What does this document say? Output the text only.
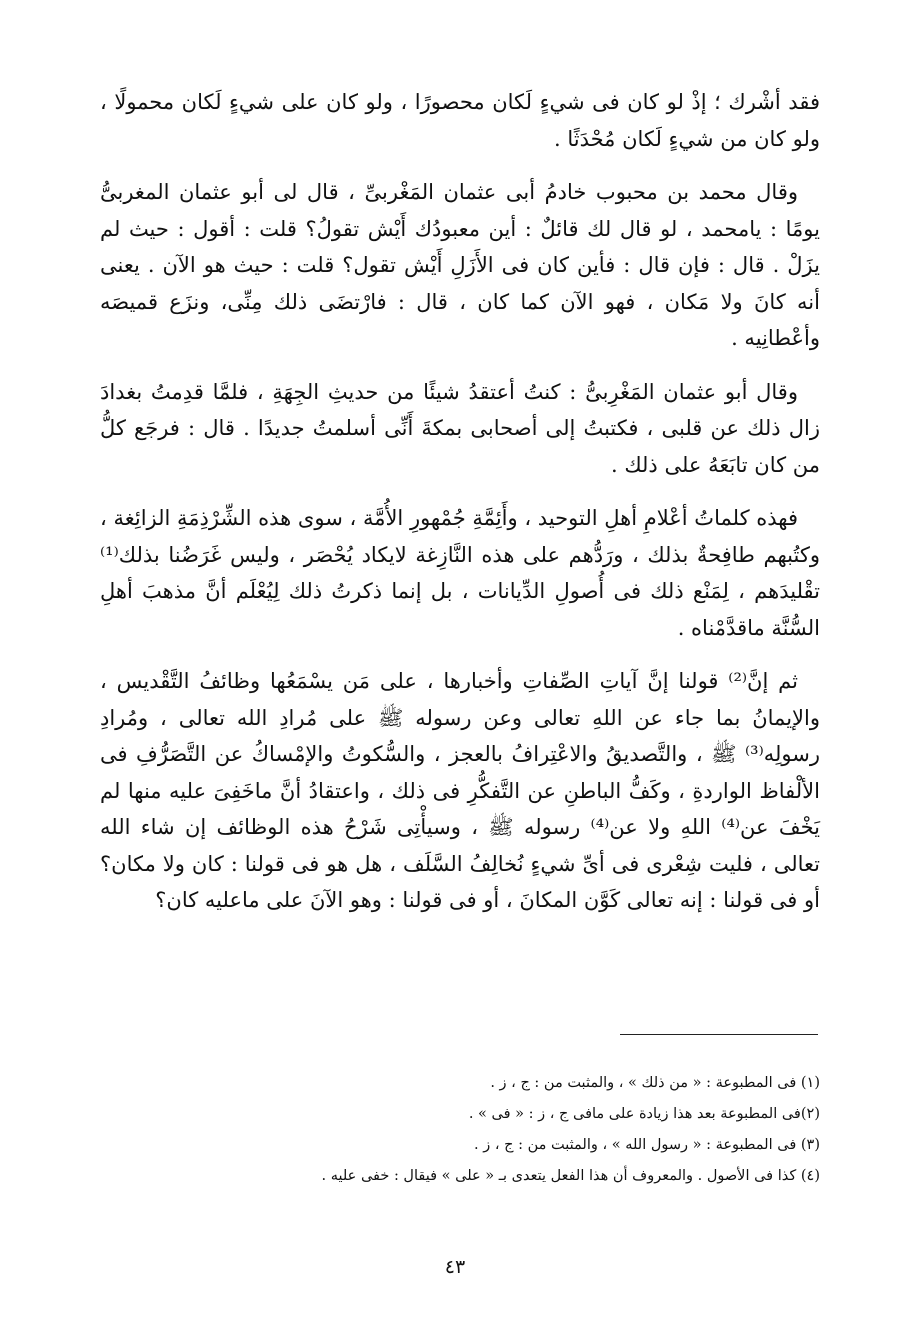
فقد أشْرك ؛ إذْ لو كان فى شيءٍ لَكان محصورًا ، ولو كان على شيءٍ لَكان محمولًا ، ولو كان من شيءٍ لَكان مُحْدَثًا .

وقال محمد بن محبوب خادمُ أبى عثمان المَغْربىِّ ، قال لى أبو عثمان المغربىُّ يومًا : يامحمد ، لو قال لك قائلٌ : أين معبودُك أَيْش تقولُ؟ قلت : أقول : حيث لم يزَلْ . قال : فإن قال : فأين كان فى الأَزَلِ أَيْش تقول؟ قلت : حيث هو الآن . يعنى أنه كانَ ولا مَكان ، فهو الآن كما كان ، قال : فارْتضَى ذلك مِنِّى، ونزَع قميصَه وأعْطانِيه .

وقال أبو عثمان المَغْرِبىُّ : كنتُ أعتقدُ شيئًا من حديثِ الجِهَةِ ، فلمَّا قدِمتُ بغدادَ زال ذلك عن قلبى ، فكتبتُ إلى أصحابى بمكةَ أَنِّى أسلمتُ جديدًا . قال : فرجَع كلُّ من كان تابَعَهُ على ذلك .

فهذه كلماتُ أعْلامِ أهلِ التوحيد ، وأَئِمَّةِ جُمْهورِ الأُمَّة ، سوى هذه الشِّرْذِمَةِ الزائِغة ، وكتُبهم طافِحةٌ بذلك ، ورَدُّهم على هذه النَّازِغة لايكاد يُحْصَر ، وليس غَرَضُنا بذلك⁽¹⁾ تقْليدَهم ، لِمَنْع ذلك فى أُصولِ الدِّيانات ، بل إنما ذكرتُ ذلك لِيُعْلَم أنَّ مذهبَ أهلِ السُّنَّة ماقدَّمْناه .

ثم إنَّ⁽²⁾ قولنا إنَّ آياتِ الصِّفاتِ وأخبارها ، على مَن يسْمَعُها وظائفُ التَّقْديس ، والإيمانُ بما جاء عن اللهِ تعالى وعن رسوله ﷺ على مُرادِ الله تعالى ، ومُرادِ رسولِه⁽³⁾ ﷺ ، والتَّصديقُ والاعْتِرافُ بالعجز ، والسُّكوتُ والإمْساكُ عن التَّصَرُّفِ فى الألْفاظ الواردةِ ، وكَفُّ الباطنِ عن التَّفكُّرِ فى ذلك ، واعتقادُ أنَّ ماخَفِىَ عليه منها لم يَخْفَ عن⁽⁴⁾ اللهِ ولا عن⁽⁴⁾ رسوله ﷺ ، وسيأْتِى شَرْحُ هذه الوظائف إن شاء الله تعالى ، فليت شِعْرى فى أىِّ شيءٍ نُخالِفُ السَّلَف ، هل هو فى قولنا : كان ولا مكان؟ أو فى قولنا : إنه تعالى كَوَّن المكانَ ، أو فى قولنا : وهو الآنَ على ماعليه كان؟

(١) فى المطبوعة : « من ذلك » ، والمثبت من : ج ، ز .

(٢)فى المطبوعة بعد هذا زيادة على مافى ج ، ز : « فى » .

(٣) فى المطبوعة : « رسول الله » ، والمثبت من : ج ، ز .

(٤) كذا فى الأصول . والمعروف أن هذا الفعل يتعدى بـ « على » فيقال : خفى عليه .

٤٣
